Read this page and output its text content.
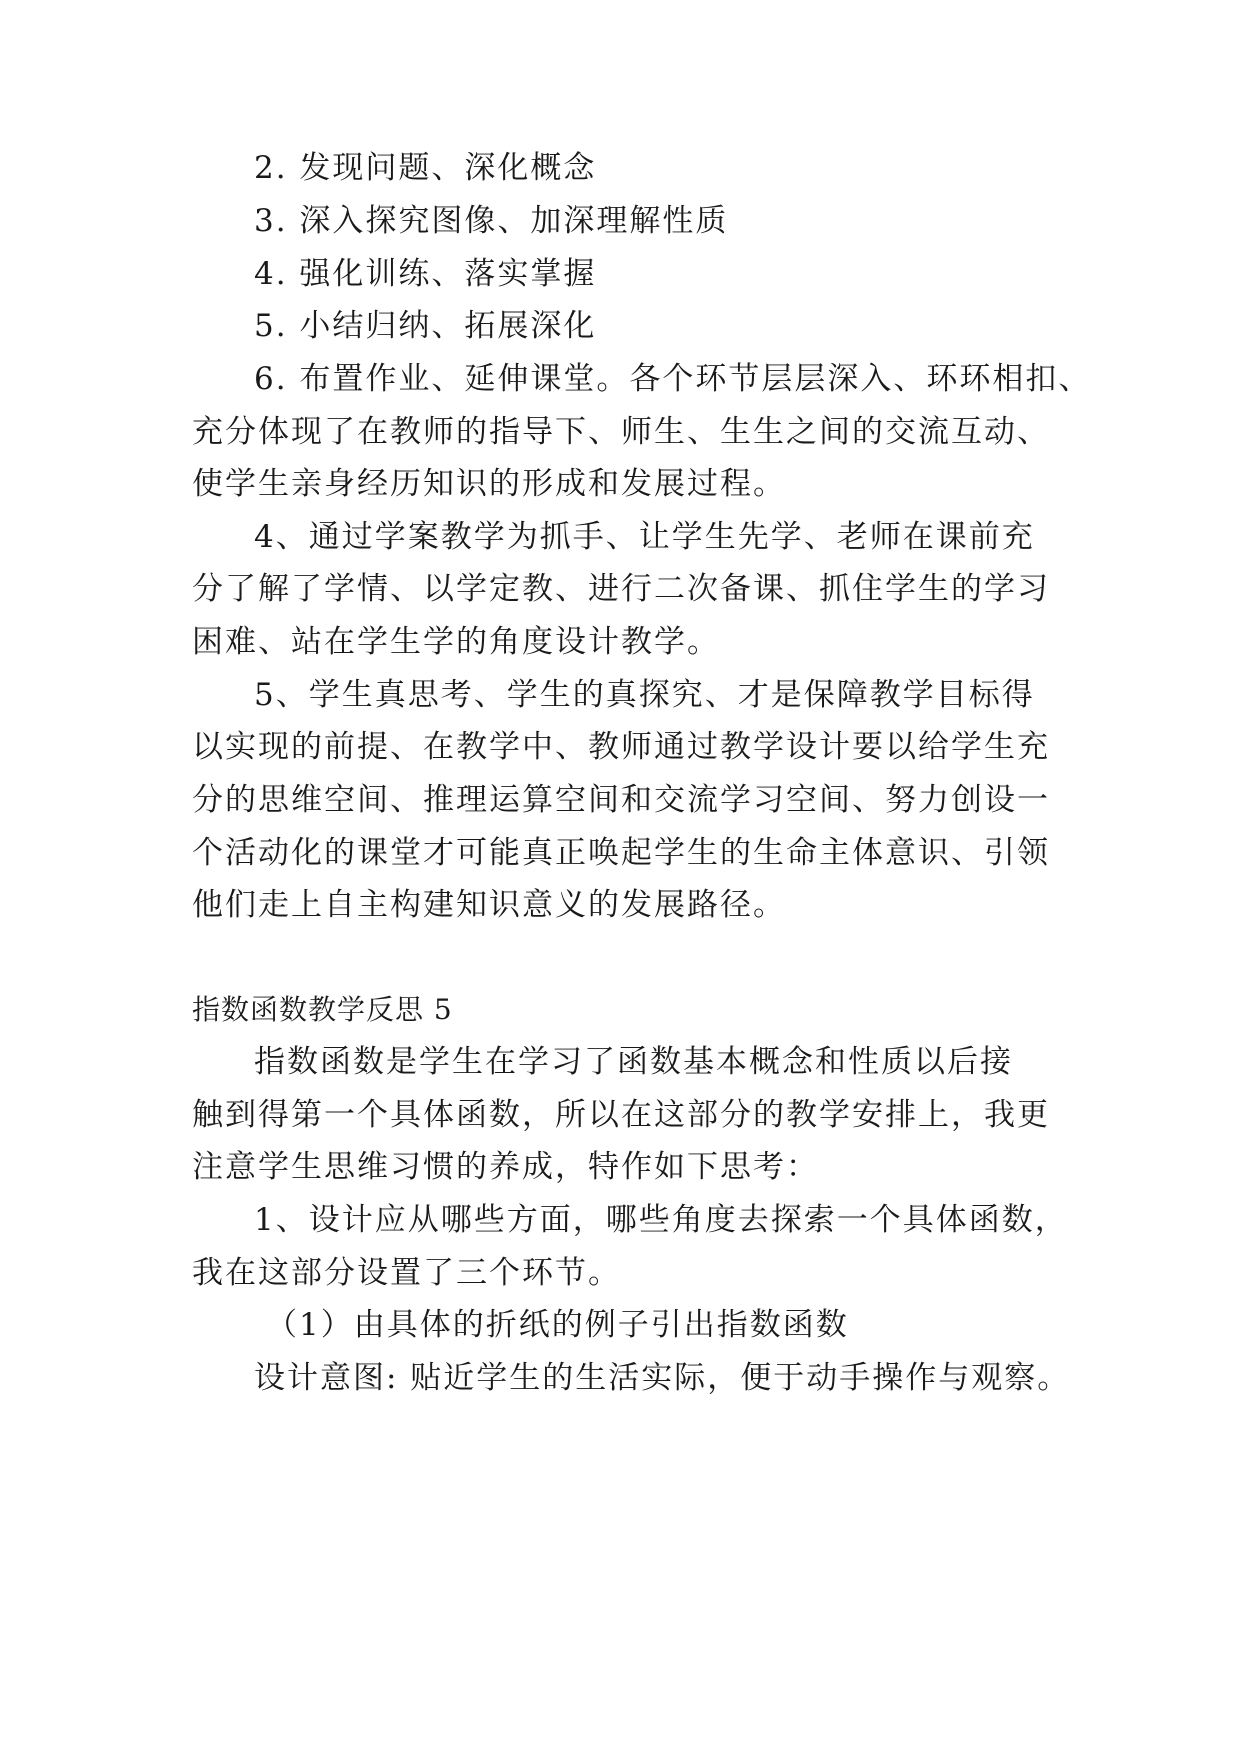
2. 发现问题、深化概念
3. 深入探究图像、加深理解性质
4. 强化训练、落实掌握
5. 小结归纳、拓展深化
6. 布置作业、延伸课堂。各个环节层层深入、环环相扣、
充分体现了在教师的指导下、师生、生生之间的交流互动、
使学生亲身经历知识的形成和发展过程。
4、通过学案教学为抓手、让学生先学、老师在课前充
分了解了学情、以学定教、进行二次备课、抓住学生的学习
困难、站在学生学的角度设计教学。
5、学生真思考、学生的真探究、才是保障教学目标得
以实现的前提、在教学中、教师通过教学设计要以给学生充
分的思维空间、推理运算空间和交流学习空间、努力创设一
个活动化的课堂才可能真正唤起学生的生命主体意识、引领
他们走上自主构建知识意义的发展路径。
指数函数教学反思 5
指数函数是学生在学习了函数基本概念和性质以后接
触到得第一个具体函数，所以在这部分的教学安排上，我更
注意学生思维习惯的养成，特作如下思考：
1、设计应从哪些方面，哪些角度去探索一个具体函数，
我在这部分设置了三个环节。
（1）由具体的折纸的例子引出指数函数
设计意图: 贴近学生的生活实际，便于动手操作与观察。
